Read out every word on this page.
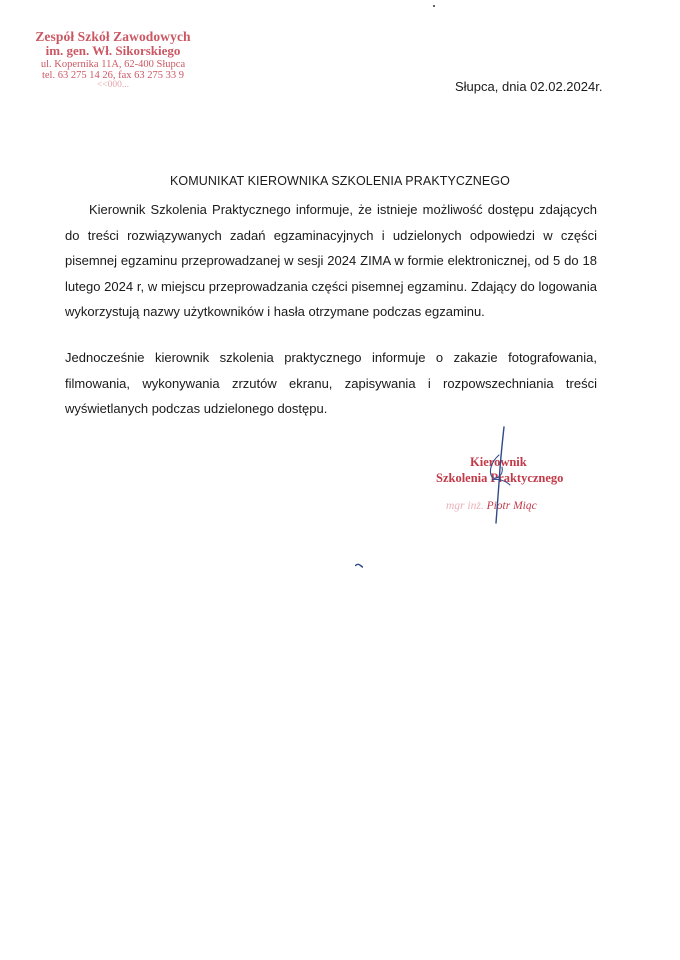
Zespół Szkół Zawodowych
im. gen. Wł. Sikorskiego
ul. Kopernika 11A, 62-400 Słupca
tel. 63 275 14 26, fax 63 275 33 9
<<000...	Słupca, dnia 02.02.2024r.
KOMUNIKAT KIEROWNIKA SZKOLENIA PRAKTYCZNEGO
Kierownik Szkolenia Praktycznego informuje, że istnieje możliwość dostępu zdających
do treści rozwiązywanych zadań egzaminacyjnych i udzielonych odpowiedzi w części
pisemnej egzaminu przeprowadzanej w sesji 2024 ZIMA w formie elektronicznej, od 5 do 18
lutego 2024 r, w miejscu przeprowadzania części pisemnej egzaminu. Zdający do logowania
wykorzystują nazwy użytkowników i hasła otrzymane podczas egzaminu.
Jednocześnie kierownik szkolenia praktycznego informuje o zakazie fotografowania,
filmowania, wykonywania zrzutów ekranu, zapisywania i rozpowszechniania treści
wyświetlanych podczas udzielonego dostępu.
Kierownik
Szkolenia Praktycznego
mgr inż. Piotr Miąc
